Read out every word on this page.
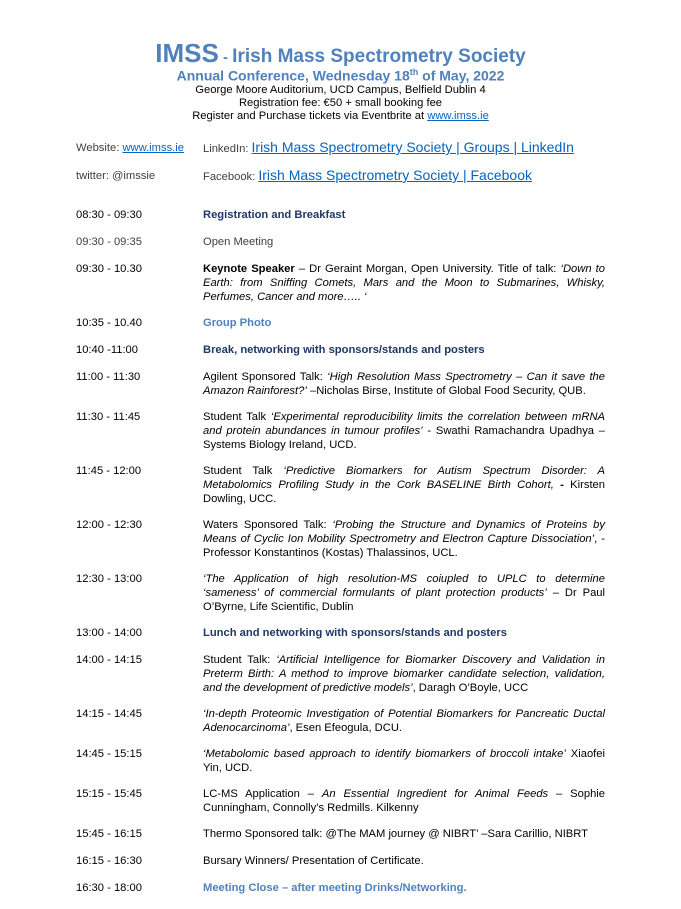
IMSS - Irish Mass Spectrometry Society
Annual Conference, Wednesday 18th of May, 2022
George Moore Auditorium, UCD Campus, Belfield Dublin 4
Registration fee: €50 + small booking fee
Register and Purchase tickets via Eventbrite at www.imss.ie
Website: www.imss.ie LinkedIn: Irish Mass Spectrometry Society | Groups | LinkedIn
twitter: @imssie	Facebook: Irish Mass Spectrometry Society | Facebook
08:30 - 09:30	Registration and Breakfast
09:30 - 09:35	Open Meeting
09:30 - 10.30	Keynote Speaker – Dr Geraint Morgan, Open University. Title of talk: ‘Down to Earth: from Sniffing Comets, Mars and the Moon to Submarines, Whisky, Perfumes, Cancer and more….. ‘
10:35 - 10.40	Group Photo
10:40 -11:00	Break, networking with sponsors/stands and posters
11:00 - 11:30	Agilent Sponsored Talk: ‘High Resolution Mass Spectrometry – Can it save the Amazon Rainforest?’ –Nicholas Birse, Institute of Global Food Security, QUB.
11:30 - 11:45	Student Talk ‘Experimental reproducibility limits the correlation between mRNA and protein abundances in tumour profiles’ - Swathi Ramachandra Upadhya – Systems Biology Ireland, UCD.
11:45 - 12:00	Student Talk ‘Predictive Biomarkers for Autism Spectrum Disorder: A Metabolomics Profiling Study in the Cork BASELINE Birth Cohort, - Kirsten Dowling, UCC.
12:00 - 12:30	Waters Sponsored Talk: ‘Probing the Structure and Dynamics of Proteins by Means of Cyclic Ion Mobility Spectrometry and Electron Capture Dissociation’, - Professor Konstantinos (Kostas) Thalassinos, UCL.
12:30 - 13:00	‘The Application of high resolution-MS coiupled to UPLC to determine ‘sameness’ of commercial formulants of plant protection products’ – Dr Paul O’Byrne, Life Scientific, Dublin
13:00 - 14:00	Lunch and networking with sponsors/stands and posters
14:00 - 14:15	Student Talk: ‘Artificial Intelligence for Biomarker Discovery and Validation in Preterm Birth: A method to improve biomarker candidate selection, validation, and the development of predictive models’, Daragh O’Boyle, UCC
14:15 - 14:45	‘In-depth Proteomic Investigation of Potential Biomarkers for Pancreatic Ductal Adenocarcinoma’, Esen Efeogula, DCU.
14:45 - 15:15	‘Metabolomic based approach to identify biomarkers of broccoli intake’ Xiaofei Yin, UCD.
15:15 - 15:45	LC-MS Application – An Essential Ingredient for Animal Feeds – Sophie Cunningham, Connolly’s Redmills. Kilkenny
15:45 - 16:15	Thermo Sponsored talk: @The MAM journey @ NIBRT’ –Sara Carillio, NIBRT
16:15 - 16:30	Bursary Winners/ Presentation of Certificate.
16:30 - 18:00	Meeting Close – after meeting Drinks/Networking.
